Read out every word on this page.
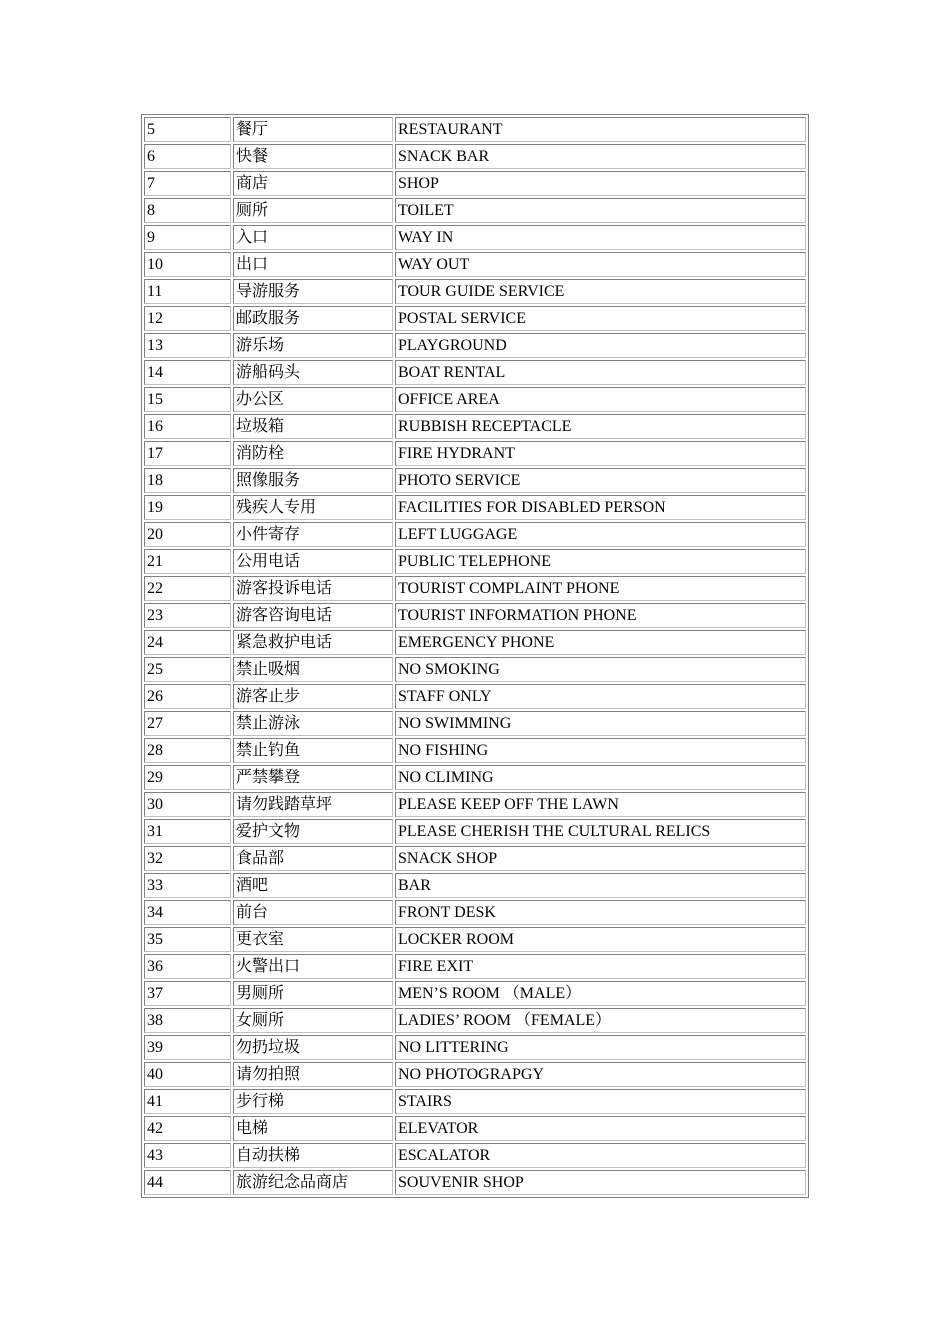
5	餐厅	RESTAURANT
6	快餐	SNACK BAR
7	商店	SHOP
8	厕所	TOILET
9	入口	WAY IN
10	出口	WAY OUT
11	导游服务	TOUR GUIDE SERVICE
12	邮政服务	POSTAL SERVICE
13	游乐场	PLAYGROUND
14	游船码头	BOAT RENTAL
15	办公区	OFFICE AREA
16	垃圾箱	RUBBISH RECEPTACLE
17	消防栓	FIRE HYDRANT
18	照像服务	PHOTO SERVICE
19	残疾人专用	FACILITIES FOR DISABLED PERSON
20	小件寄存	LEFT LUGGAGE
21	公用电话	PUBLIC TELEPHONE
22	游客投诉电话	TOURIST COMPLAINT PHONE
23	游客咨询电话	TOURIST INFORMATION PHONE
24	紧急救护电话	EMERGENCY PHONE
25	禁止吸烟	NO SMOKING
26	游客止步	STAFF ONLY
27	禁止游泳	NO SWIMMING
28	禁止钓鱼	NO FISHING
29	严禁攀登	NO CLIMING
30	请勿践踏草坪	PLEASE KEEP OFF THE LAWN
31	爱护文物	PLEASE CHERISH THE CULTURAL RELICS
32	食品部	SNACK SHOP
33	酒吧	BAR
34	前台	FRONT DESK
35	更衣室	LOCKER ROOM
36	火警出口	FIRE EXIT
37	男厕所	MEN’S ROOM （MALE）
38	女厕所	LADIES’ ROOM （FEMALE）
39	勿扔垃圾	NO LITTERING
40	请勿拍照	NO PHOTOGRAPGY
41	步行梯	STAIRS
42	电梯	ELEVATOR
43	自动扶梯	ESCALATOR
44	旅游纪念品商店	SOUVENIR SHOP
